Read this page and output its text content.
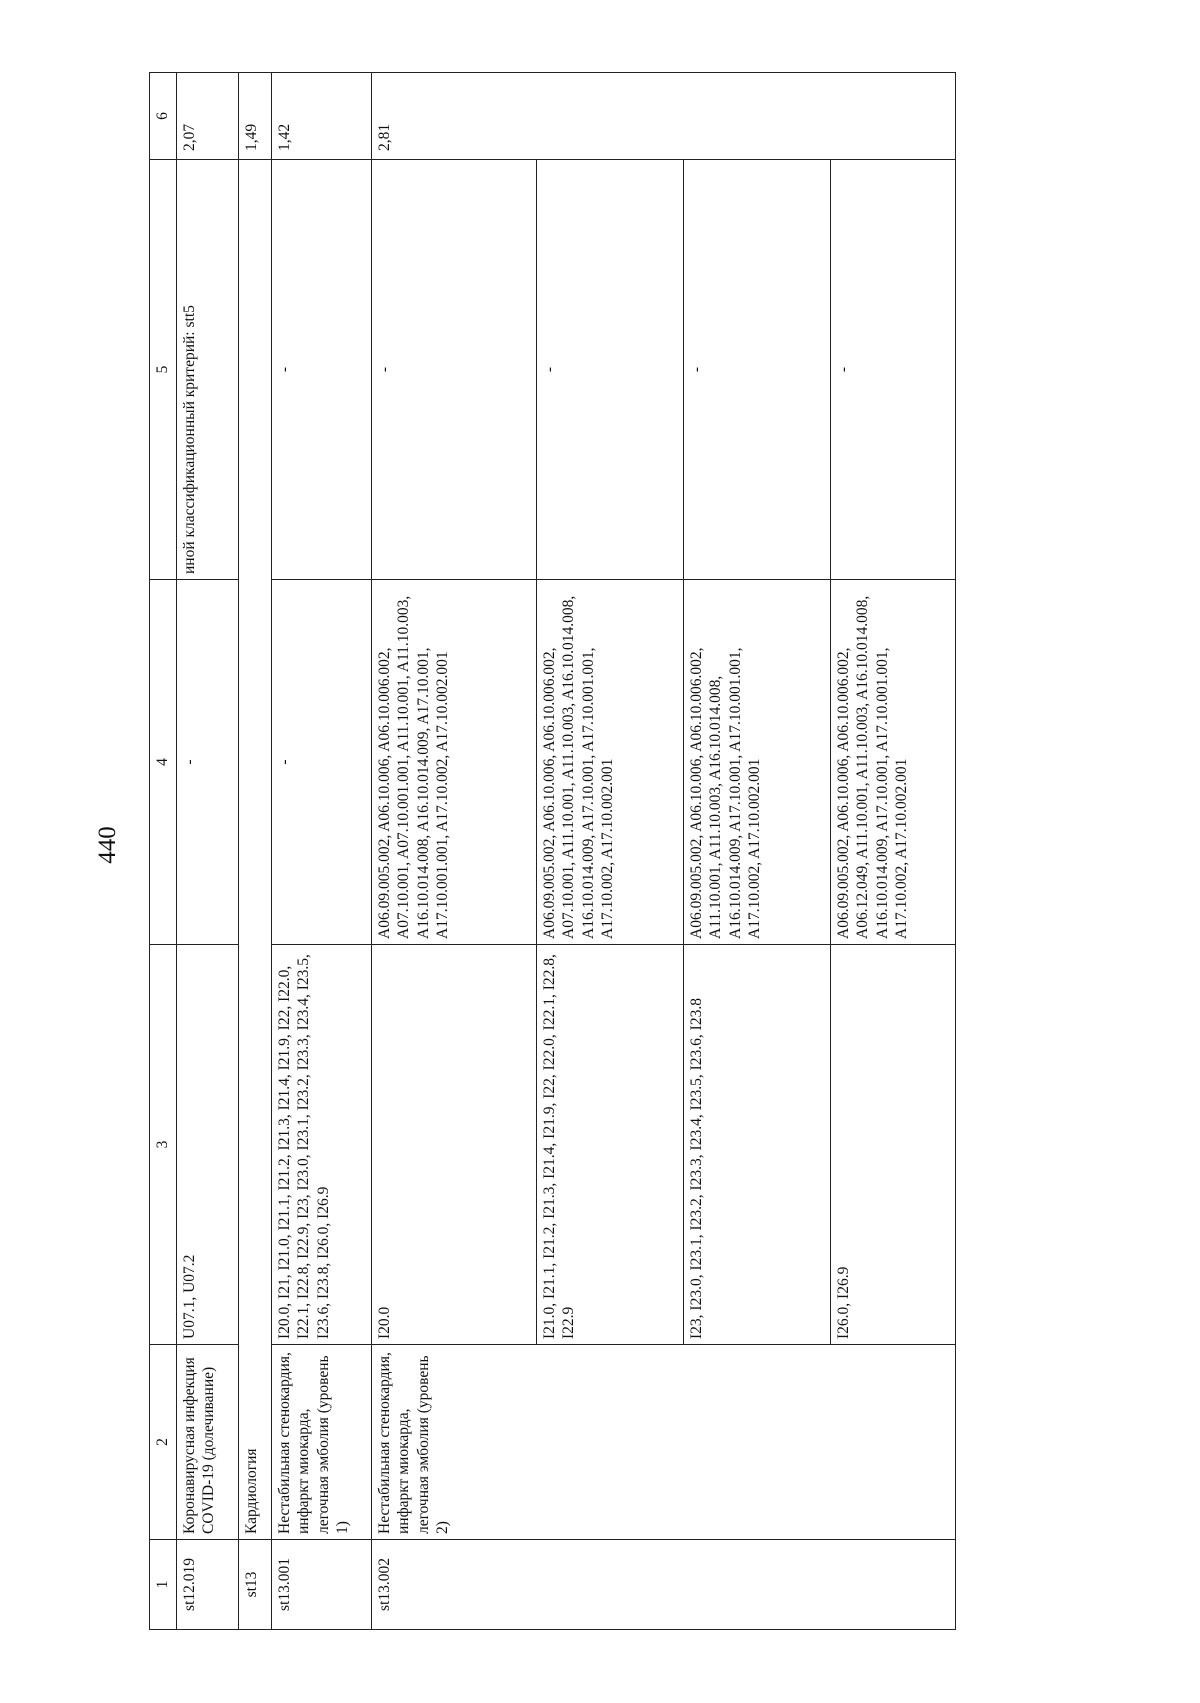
440
1	2	3	4	5	6
st12.019	Коронавирусная инфекция COVID-19 (долечивание)	U07.1, U07.2	-	иной классификационный критерий: stt5	2,07
st13	Кардиология				1,49
st13.001	Нестабильная стенокардия, инфаркт миокарда, легочная эмболия (уровень 1)	I20.0, I21, I21.0, I21.1, I21.2, I21.3, I21.4, I21.9, I22, I22.0, I22.1, I22.8, I22.9, I23, I23.0, I23.1, I23.2, I23.3, I23.4, I23.5, I23.6, I23.8, I26.0, I26.9	-	-	1,42
st13.002	Нестабильная стенокардия, инфаркт миокарда, легочная эмболия (уровень 2)	I20.0	A06.09.005.002, A06.10.006, A06.10.006.002, A07.10.001, A07.10.001.001, A11.10.001, A11.10.003, A16.10.014.008, A16.10.014.009, A17.10.001, A17.10.001.001, A17.10.002, A17.10.002.001	-	2,81
		I21.0, I21.1, I21.2, I21.3, I21.4, I21.9, I22, I22.0, I22.1, I22.8, I22.9	A06.09.005.002, A06.10.006, A06.10.006.002, A07.10.001, A11.10.001, A11.10.003, A16.10.014.008, A16.10.014.009, A17.10.001, A17.10.001.001, A17.10.002, A17.10.002.001	-	
		I23, I23.0, I23.1, I23.2, I23.3, I23.4, I23.5, I23.6, I23.8	A06.09.005.002, A06.10.006, A06.10.006.002, A11.10.001, A11.10.003, A16.10.014.008, A16.10.014.009, A17.10.001, A17.10.001.001, A17.10.002, A17.10.002.001	-	
		I26.0, I26.9	A06.09.005.002, A06.10.006, A06.10.006.002, A06.12.049, A11.10.001, A11.10.003, A16.10.014.008, A16.10.014.009, A17.10.001, A17.10.001.001, A17.10.002, A17.10.002.001	-	
